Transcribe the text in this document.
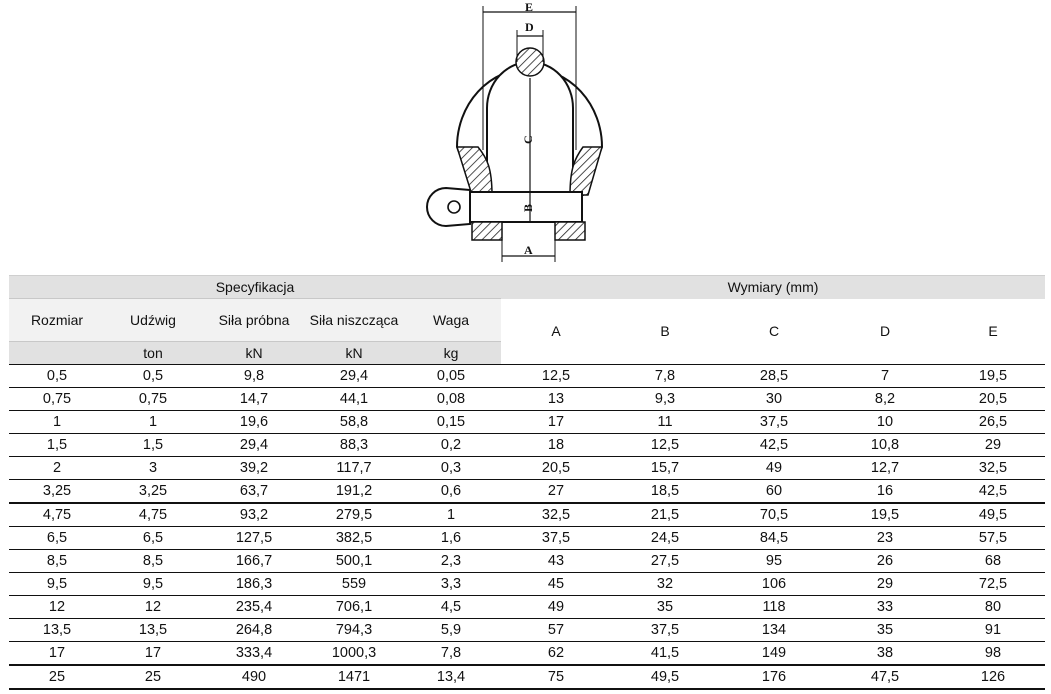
E
D
C
B
A
Specyfikacja					Wymiary (mm)				
Rozmiar	Udźwig	Siła próbna	Siła niszcząca	Waga	A	B	C	D	E
	ton	kN	kN	kg					
0,5	0,5	9,8	29,4	0,05	12,5	7,8	28,5	7	19,5
0,75	0,75	14,7	44,1	0,08	13	9,3	30	8,2	20,5
1	1	19,6	58,8	0,15	17	11	37,5	10	26,5
1,5	1,5	29,4	88,3	0,2	18	12,5	42,5	10,8	29
2	3	39,2	117,7	0,3	20,5	15,7	49	12,7	32,5
3,25	3,25	63,7	191,2	0,6	27	18,5	60	16	42,5
4,75	4,75	93,2	279,5	1	32,5	21,5	70,5	19,5	49,5
6,5	6,5	127,5	382,5	1,6	37,5	24,5	84,5	23	57,5
8,5	8,5	166,7	500,1	2,3	43	27,5	95	26	68
9,5	9,5	186,3	559	3,3	45	32	106	29	72,5
12	12	235,4	706,1	4,5	49	35	118	33	80
13,5	13,5	264,8	794,3	5,9	57	37,5	134	35	91
17	17	333,4	1000,3	7,8	62	41,5	149	38	98
25	25	490	1471	13,4	75	49,5	176	47,5	126
